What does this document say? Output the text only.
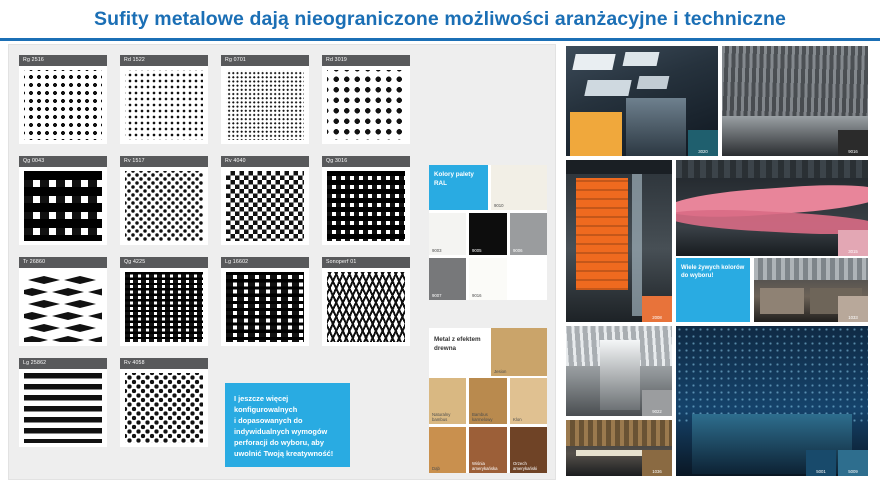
Sufity metalowe dają nieograniczone możliwości aranżacyjne i techniczne
Rg 2516	Rd 1522	Rg 0701	Rd 3019
Qg 0043	Rv 1517	Rv 4040	Qg 3016
Tr 26860	Qg 4225	Lg 16602	Sonoperf 01
Lg 25862	Rv 4058
I jeszcze więcej
konfigurowalnych
i dopasowanych do
indywidualnych wymogów
perforacji do wyboru, aby
uwolnić Twoją kreatywność!
Kolory palety RAL
9010
9003	9005	9006
9007	9016
Metal z efektem drewna
Jesion
Naturalny bambus
Bambus karmelowy	Klon
Dąb
Wiśnia amerykańska
Orzech amerykański
3020	9016
2008
3015
Wiele żywych kolorów do wyboru!
1033
9022
1036	5001	5009
